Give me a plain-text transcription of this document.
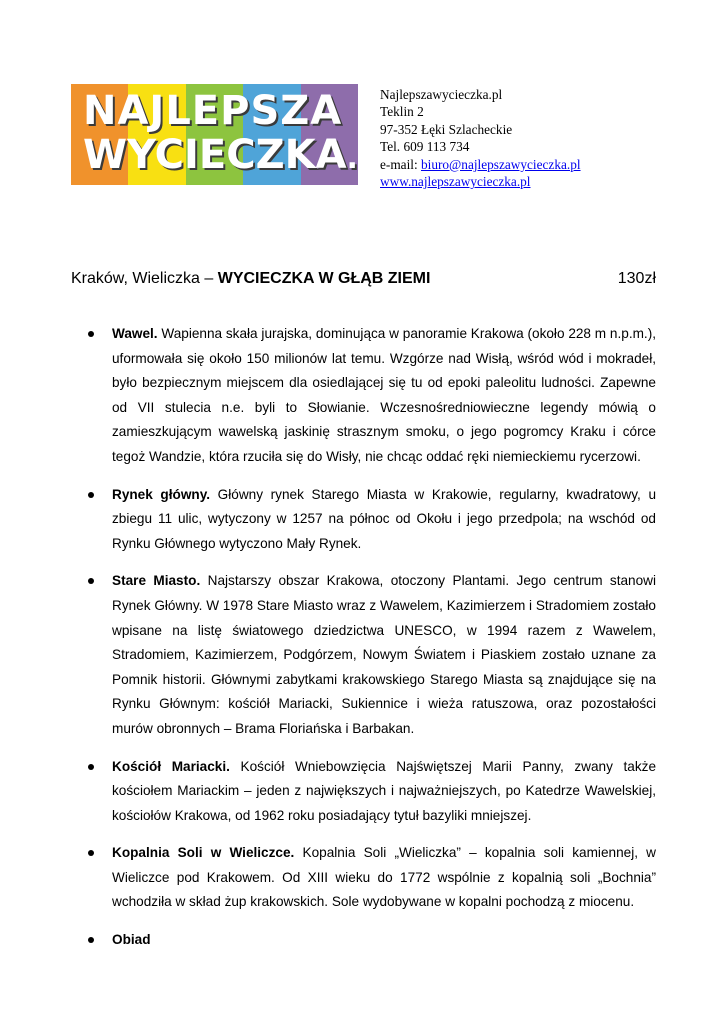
NAJLEPSZA
WYCIECZKA.
Najlepszawycieczka.pl
Teklin 2
97-352 Łęki Szlacheckie
Tel. 609 113 734
e-mail: biuro@najlepszawycieczka.pl
www.najlepszawycieczka.pl
Kraków, Wieliczka – WYCIECZKA W GŁĄB ZIEMI	130zł
Wawel. Wapienna skała jurajska, dominująca w panoramie Krakowa (około 228 m n.p.m.), uformowała się około 150 milionów lat temu. Wzgórze nad Wisłą, wśród wód i mokradeł, było bezpiecznym miejscem dla osiedlającej się tu od epoki paleolitu ludności. Zapewne od VII stulecia n.e. byli to Słowianie. Wczesnośredniowieczne legendy mówią o zamieszkującym wawelską jaskinię strasznym smoku, o jego pogromcy Kraku i córce tegoż Wandzie, która rzuciła się do Wisły, nie chcąc oddać ręki niemieckiemu rycerzowi.
Rynek główny. Główny rynek Starego Miasta w Krakowie, regularny, kwadratowy, u zbiegu 11 ulic, wytyczony w 1257 na północ od Okołu i jego przedpola; na wschód od Rynku Głównego wytyczono Mały Rynek.
Stare Miasto. Najstarszy obszar Krakowa, otoczony Plantami. Jego centrum stanowi Rynek Główny. W 1978 Stare Miasto wraz z Wawelem, Kazimierzem i Stradomiem zostało wpisane na listę światowego dziedzictwa UNESCO, w 1994 razem z Wawelem, Stradomiem, Kazimierzem, Podgórzem, Nowym Światem i Piaskiem zostało uznane za Pomnik historii. Głównymi zabytkami krakowskiego Starego Miasta są znajdujące się na Rynku Głównym: kościół Mariacki, Sukiennice i wieża ratuszowa, oraz pozostałości murów obronnych – Brama Floriańska i Barbakan.
Kościół Mariacki. Kościół Wniebowzięcia Najświętszej Marii Panny, zwany także kościołem Mariackim – jeden z największych i najważniejszych, po Katedrze Wawelskiej, kościołów Krakowa, od 1962 roku posiadający tytuł bazyliki mniejszej.
Kopalnia Soli w Wieliczce. Kopalnia Soli „Wieliczka” – kopalnia soli kamiennej, w Wieliczce pod Krakowem. Od XIII wieku do 1772 wspólnie z kopalnią soli „Bochnia” wchodziła w skład żup krakowskich. Sole wydobywane w kopalni pochodzą z miocenu.
Obiad
